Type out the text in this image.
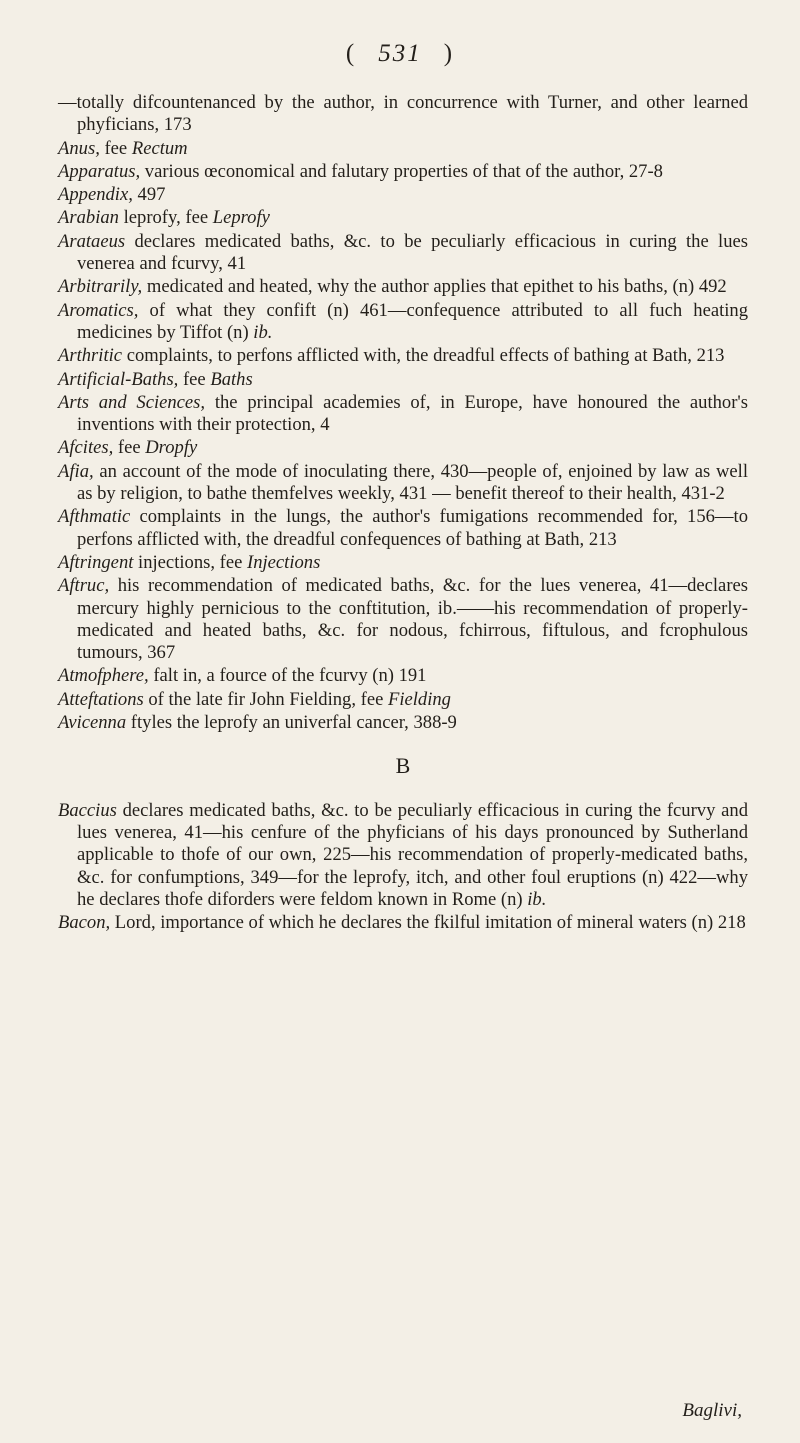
( 531 )
—totally difcountenanced by the author, in concurrence with Turner, and other learned phyficians, 173
Anus, fee Rectum
Apparatus, various œconomical and falutary properties of that of the author, 27-8
Appendix, 497
Arabian leprofy, fee Leprofy
Arataeus declares medicated baths, &c. to be peculiarly efficacious in curing the lues venerea and fcurvy, 41
Arbitrarily, medicated and heated, why the author applies that epithet to his baths, (n) 492
Aromatics, of what they confift (n) 461—confequence attributed to all fuch heating medicines by Tiffot (n) ib.
Arthritic complaints, to perfons afflicted with, the dreadful effects of bathing at Bath, 213
Artificial-Baths, fee Baths
Arts and Sciences, the principal academies of, in Europe, have honoured the author's inventions with their protection, 4
Afcites, fee Dropfy
Afia, an account of the mode of inoculating there, 430—people of, enjoined by law as well as by religion, to bathe themfelves weekly, 431 — benefit thereof to their health, 431-2
Afthmatic complaints in the lungs, the author's fumigations recommended for, 156—to perfons afflicted with, the dreadful confequences of bathing at Bath, 213
Aftringent injections, fee Injections
Aftruc, his recommendation of medicated baths, &c. for the lues venerea, 41—declares mercury highly pernicious to the conftitution, ib.——his recommendation of properly-medicated and heated baths, &c. for nodous, fchirrous, fiftulous, and fcrophulous tumours, 367
Atmofphere, falt in, a fource of the fcurvy (n) 191
Atteftations of the late fir John Fielding, fee Fielding
Avicenna ftyles the leprofy an univerfal cancer, 388-9
B
Baccius declares medicated baths, &c. to be peculiarly efficacious in curing the fcurvy and lues venerea, 41—his cenfure of the phyficians of his days pronounced by Sutherland applicable to thofe of our own, 225—his recommendation of properly-medicated baths, &c. for confumptions, 349—for the leprofy, itch, and other foul eruptions (n) 422—why he declares thofe diforders were feldom known in Rome (n) ib.
Bacon, Lord, importance of which he declares the fkilful imitation of mineral waters (n) 218
Baglivi,
